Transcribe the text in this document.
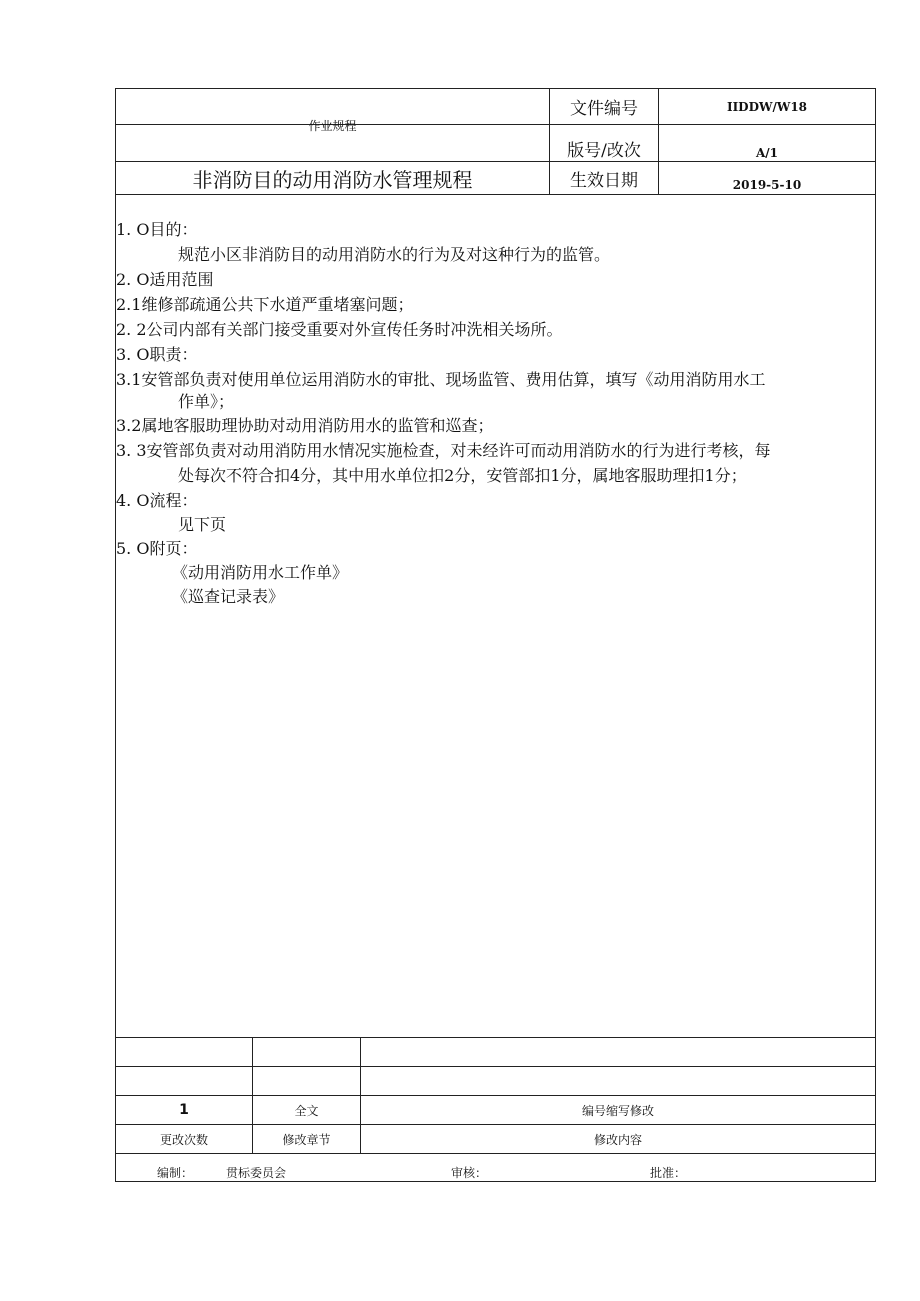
作业规程
非消防目的动用消防水管理规程
文件编号	IIDDW/W18
版号/改次	A/1
生效日期	2019-5-10
1. O目的：
规范小区非消防目的动用消防水的行为及对这种行为的监管。
2. O适用范围
2.1维修部疏通公共下水道严重堵塞问题；
2. 2公司内部有关部门接受重要对外宣传任务时冲洗相关场所。
3. O职责：
3.1安管部负责对使用单位运用消防水的审批、现场监管、费用估算，填写《动用消防用水工
作单》；
3.2属地客服助理协助对动用消防用水的监管和巡查；
3. 3安管部负责对动用消防用水情况实施检查，对未经许可而动用消防水的行为进行考核，每
处每次不符合扣4分，其中用水单位扣2分，安管部扣1分，属地客服助理扣1分；
4. O流程：
见下页
5. O附页：
《动用消防用水工作单》
《巡查记录表》
1	全文	编号缩写修改
更改次数	修改章节	修改内容
编制：	贯标委员会	审核：	批准：
